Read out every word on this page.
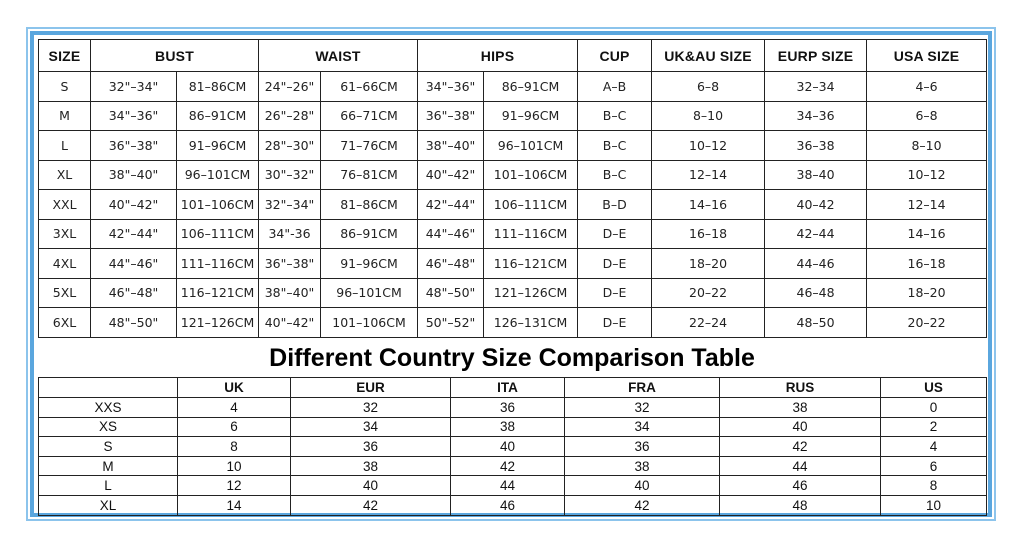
SIZE	BUST		WAIST		HIPS		CUP	UK&AU SIZE	EURP SIZE	USA SIZE
S	32"–34"	81–86CM	24"–26"	61–66CM	34"–36"	86–91CM	A–B	6–8	32–34	4–6
M	34"–36"	86–91CM	26"–28"	66–71CM	36"–38"	91–96CM	B–C	8–10	34–36	6–8
L	36"–38"	91–96CM	28"–30"	71–76CM	38"–40"	96–101CM	B–C	10–12	36–38	8–10
XL	38"–40"	96–101CM	30"–32"	76–81CM	40"–42"	101–106CM	B–C	12–14	38–40	10–12
XXL	40"–42"	101–106CM	32"–34"	81–86CM	42"–44"	106–111CM	B–D	14–16	40–42	12–14
3XL	42"–44"	106–111CM	34"-36	86–91CM	44"–46"	111–116CM	D–E	16–18	42–44	14–16
4XL	44"–46"	111–116CM	36"–38"	91–96CM	46"–48"	116–121CM	D–E	18–20	44–46	16–18
5XL	46"–48"	116–121CM	38"–40"	96–101CM	48"–50"	121–126CM	D–E	20–22	46–48	18–20
6XL	48"–50"	121–126CM	40"–42"	101–106CM	50"–52"	126–131CM	D–E	22–24	48–50	20–22
Different Country Size Comparison Table
	UK	EUR	ITA	FRA	RUS	US
XXS	4	32	36	32	38	0
XS	6	34	38	34	40	2
S	8	36	40	36	42	4
M	10	38	42	38	44	6
L	12	40	44	40	46	8
XL	14	42	46	42	48	10
